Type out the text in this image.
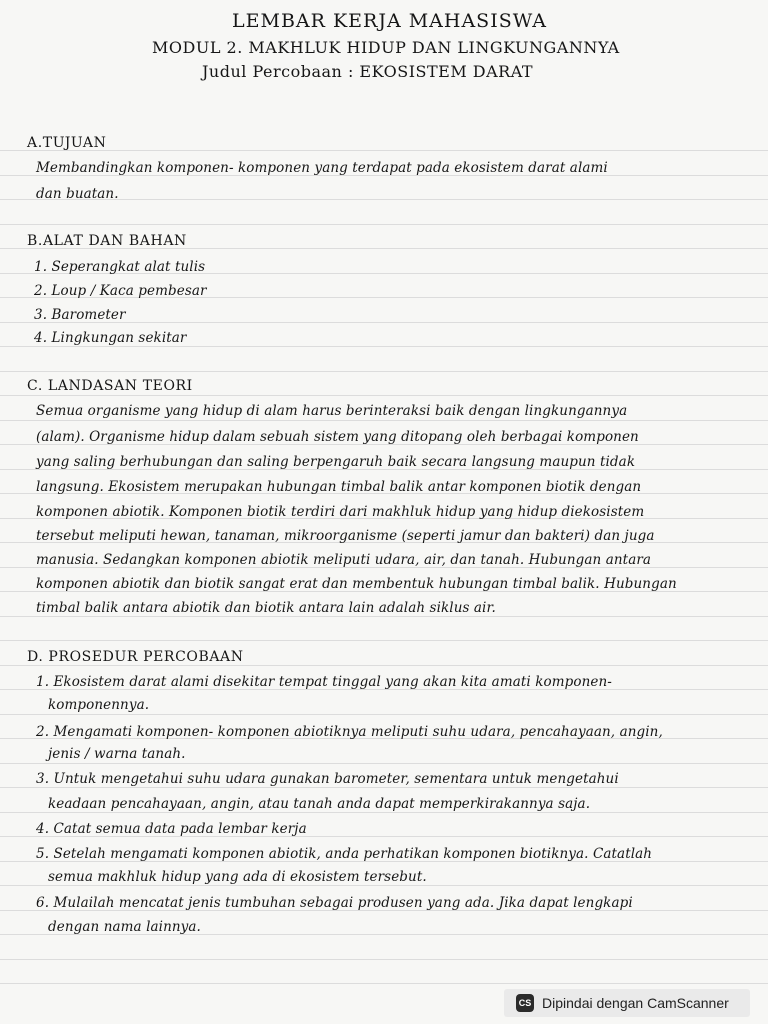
LEMBAR KERJA MAHASISWA
MODUL 2. MAKHLUK HIDUP DAN LINGKUNGANNYA
Judul Percobaan : EKOSISTEM DARAT
A.TUJUAN
Membandingkan komponen- komponen yang terdapat pada ekosistem darat alami
dan buatan.
B.ALAT DAN BAHAN
1. Seperangkat alat tulis
2. Loup / Kaca pembesar
3. Barometer
4. Lingkungan sekitar
C. LANDASAN TEORI
Semua organisme yang hidup di alam harus berinteraksi baik dengan lingkungannya
(alam). Organisme hidup dalam sebuah sistem yang ditopang oleh berbagai komponen
yang saling berhubungan dan saling berpengaruh baik secara langsung maupun tidak
langsung. Ekosistem merupakan hubungan timbal balik antar komponen biotik dengan
komponen abiotik. Komponen biotik terdiri dari makhluk hidup yang hidup diekosistem
tersebut meliputi hewan, tanaman, mikroorganisme (seperti jamur dan bakteri) dan juga
manusia. Sedangkan komponen abiotik meliputi udara, air, dan tanah. Hubungan antara
komponen abiotik dan biotik sangat erat dan membentuk hubungan timbal balik. Hubungan
timbal balik antara abiotik dan biotik antara lain adalah siklus air.
D. PROSEDUR PERCOBAAN
1. Ekosistem darat alami disekitar tempat tinggal yang akan kita amati komponen-
komponennya.
2. Mengamati komponen- komponen abiotiknya meliputi suhu udara, pencahayaan, angin,
jenis / warna tanah.
3. Untuk mengetahui suhu udara gunakan barometer, sementara untuk mengetahui
keadaan pencahayaan, angin, atau tanah anda dapat memperkirakannya saja.
4. Catat semua data pada lembar kerja
5. Setelah mengamati komponen abiotik, anda perhatikan komponen biotiknya. Catatlah
semua makhluk hidup yang ada di ekosistem tersebut.
6. Mulailah mencatat jenis tumbuhan sebagai produsen yang ada. Jika dapat lengkapi
dengan nama lainnya.
CS Dipindai dengan CamScanner
